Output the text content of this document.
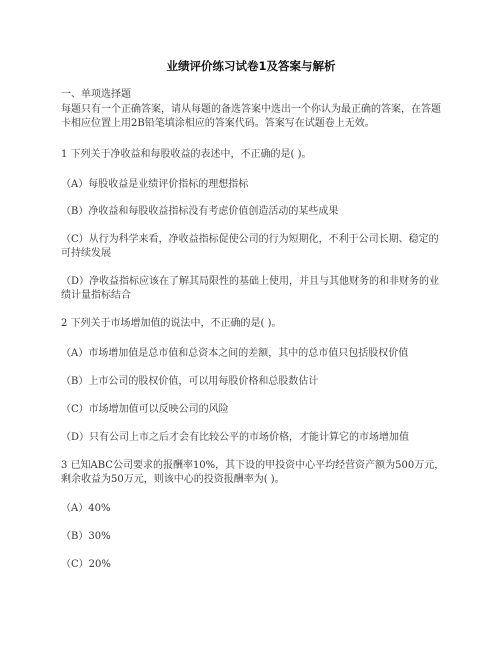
业绩评价练习试卷1及答案与解析

一、单项选择题

每题只有一个正确答案，请从每题的备选答案中选出一个你认为最正确的答案，在答题卡相应位置上用2B铅笔填涂相应的答案代码。答案写在试题卷上无效。

1 下列关于净收益和每股收益的表述中，不正确的是( )。

（A）每股收益是业绩评价指标的理想指标

（B）净收益和每股收益指标没有考虑价值创造活动的某些成果

（C）从行为科学来看，净收益指标促使公司的行为短期化，不利于公司长期、稳定的可持续发展

（D）净收益指标应该在了解其局限性的基础上使用，并且与其他财务的和非财务的业绩计量指标结合

2 下列关于市场增加值的说法中，不正确的是( )。

（A）市场增加值是总市值和总资本之间的差额，其中的总市值只包括股权价值

（B）上市公司的股权价值，可以用每股价格和总股数估计

（C）市场增加值可以反映公司的风险

（D）只有公司上市之后才会有比较公平的市场价格，才能计算它的市场增加值

3 已知ABC公司要求的报酬率10%，其下设的甲投资中心平均经营资产额为500万元，剩余收益为50万元，则该中心的投资报酬率为( )。

（A）40%

（B）30%

（C）20%
